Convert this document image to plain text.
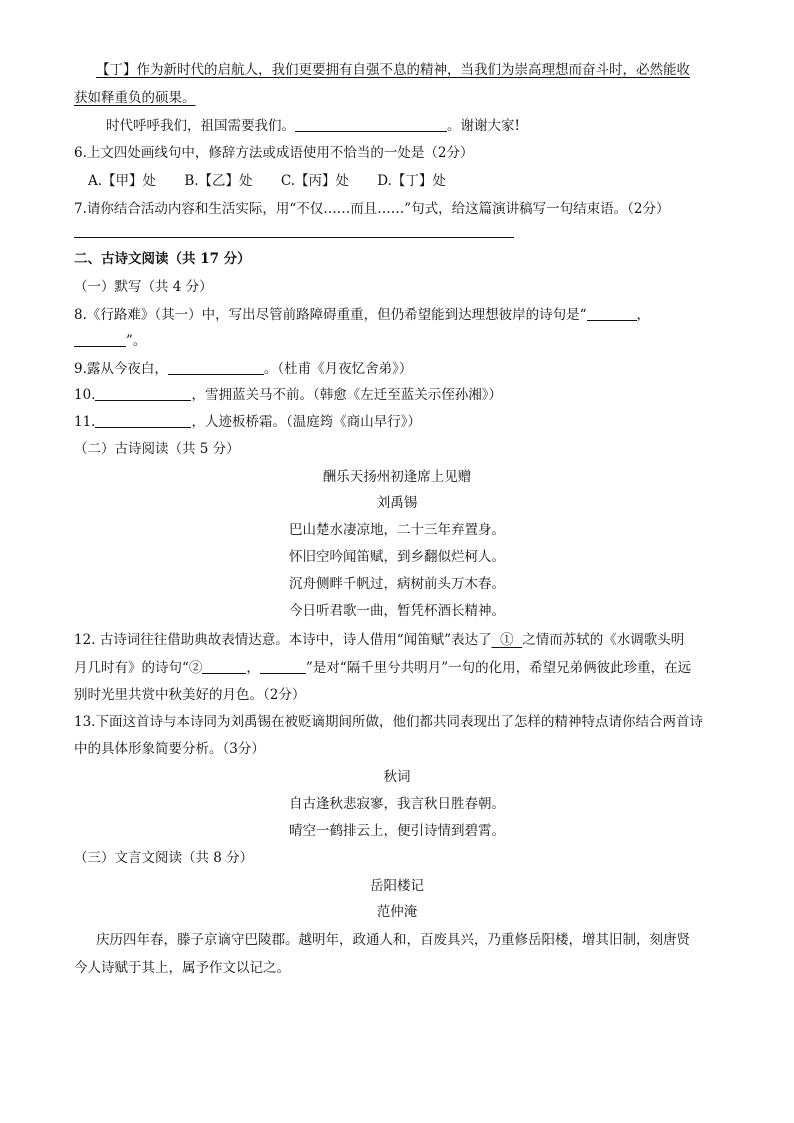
【丁】作为新时代的启航人，我们更要拥有自强不息的精神，当我们为崇高理想而奋斗时，必然能收
获如释重负的硕果。
时代呼呼我们，祖国需要我们。	。谢谢大家!
6.上文四处画线句中，修辞方法或成语使用不恰当的一处是（2分）
A.【甲】处 B.【乙】处 C.【丙】处 D.【丁】处
7.请你结合活动内容和生活实际，用“不仅……而且……”句式，给这篇演讲稿写一句结束语。（2分）
二、古诗文阅读（共 17 分）
（一）默写（共 4 分）
8.《行路难》（其一）中，写出尽管前路障碍重重，但仍希望能到达理想彼岸的诗句是“	，
”。
9.露从今夜白，	。（杜甫《月夜忆舍弟》）
10.	，雪拥蓝关马不前。（韩愈《左迁至蓝关示侄孙湘》）
11.	，人迹板桥霜。（温庭筠《商山早行》）
（二）古诗阅读（共 5 分）
酬乐天扬州初逢席上见赠
刘禹锡
巴山楚水凄凉地，二十三年弃置身。
怀旧空吟闻笛赋，到乡翻似烂柯人。
沉舟侧畔千帆过，病树前头万木春。
今日听君歌一曲，暂凭杯酒长精神。
12. 古诗词往往借助典故表情达意。本诗中，诗人借用“闻笛赋”表达了 ① 之情而苏轼的《水调歌头明
月几时有》的诗句“②	，	”是对“隔千里兮共明月”一句的化用，希望兄弟俩彼此珍重，在远
别时光里共赏中秋美好的月色。（2分）
13.下面这首诗与本诗同为刘禹锡在被贬谪期间所做，他们都共同表现出了怎样的精神特点请你结合两首诗
中的具体形象简要分析。（3分）
秋词
自古逢秋悲寂寥，我言秋日胜春朝。
晴空一鹤排云上，便引诗情到碧霄。
（三）文言文阅读（共 8 分）
岳阳楼记
范仲淹
庆历四年春，滕子京谪守巴陵郡。越明年，政通人和，百废具兴，乃重修岳阳楼，增其旧制，刻唐贤
今人诗赋于其上，属予作文以记之。
